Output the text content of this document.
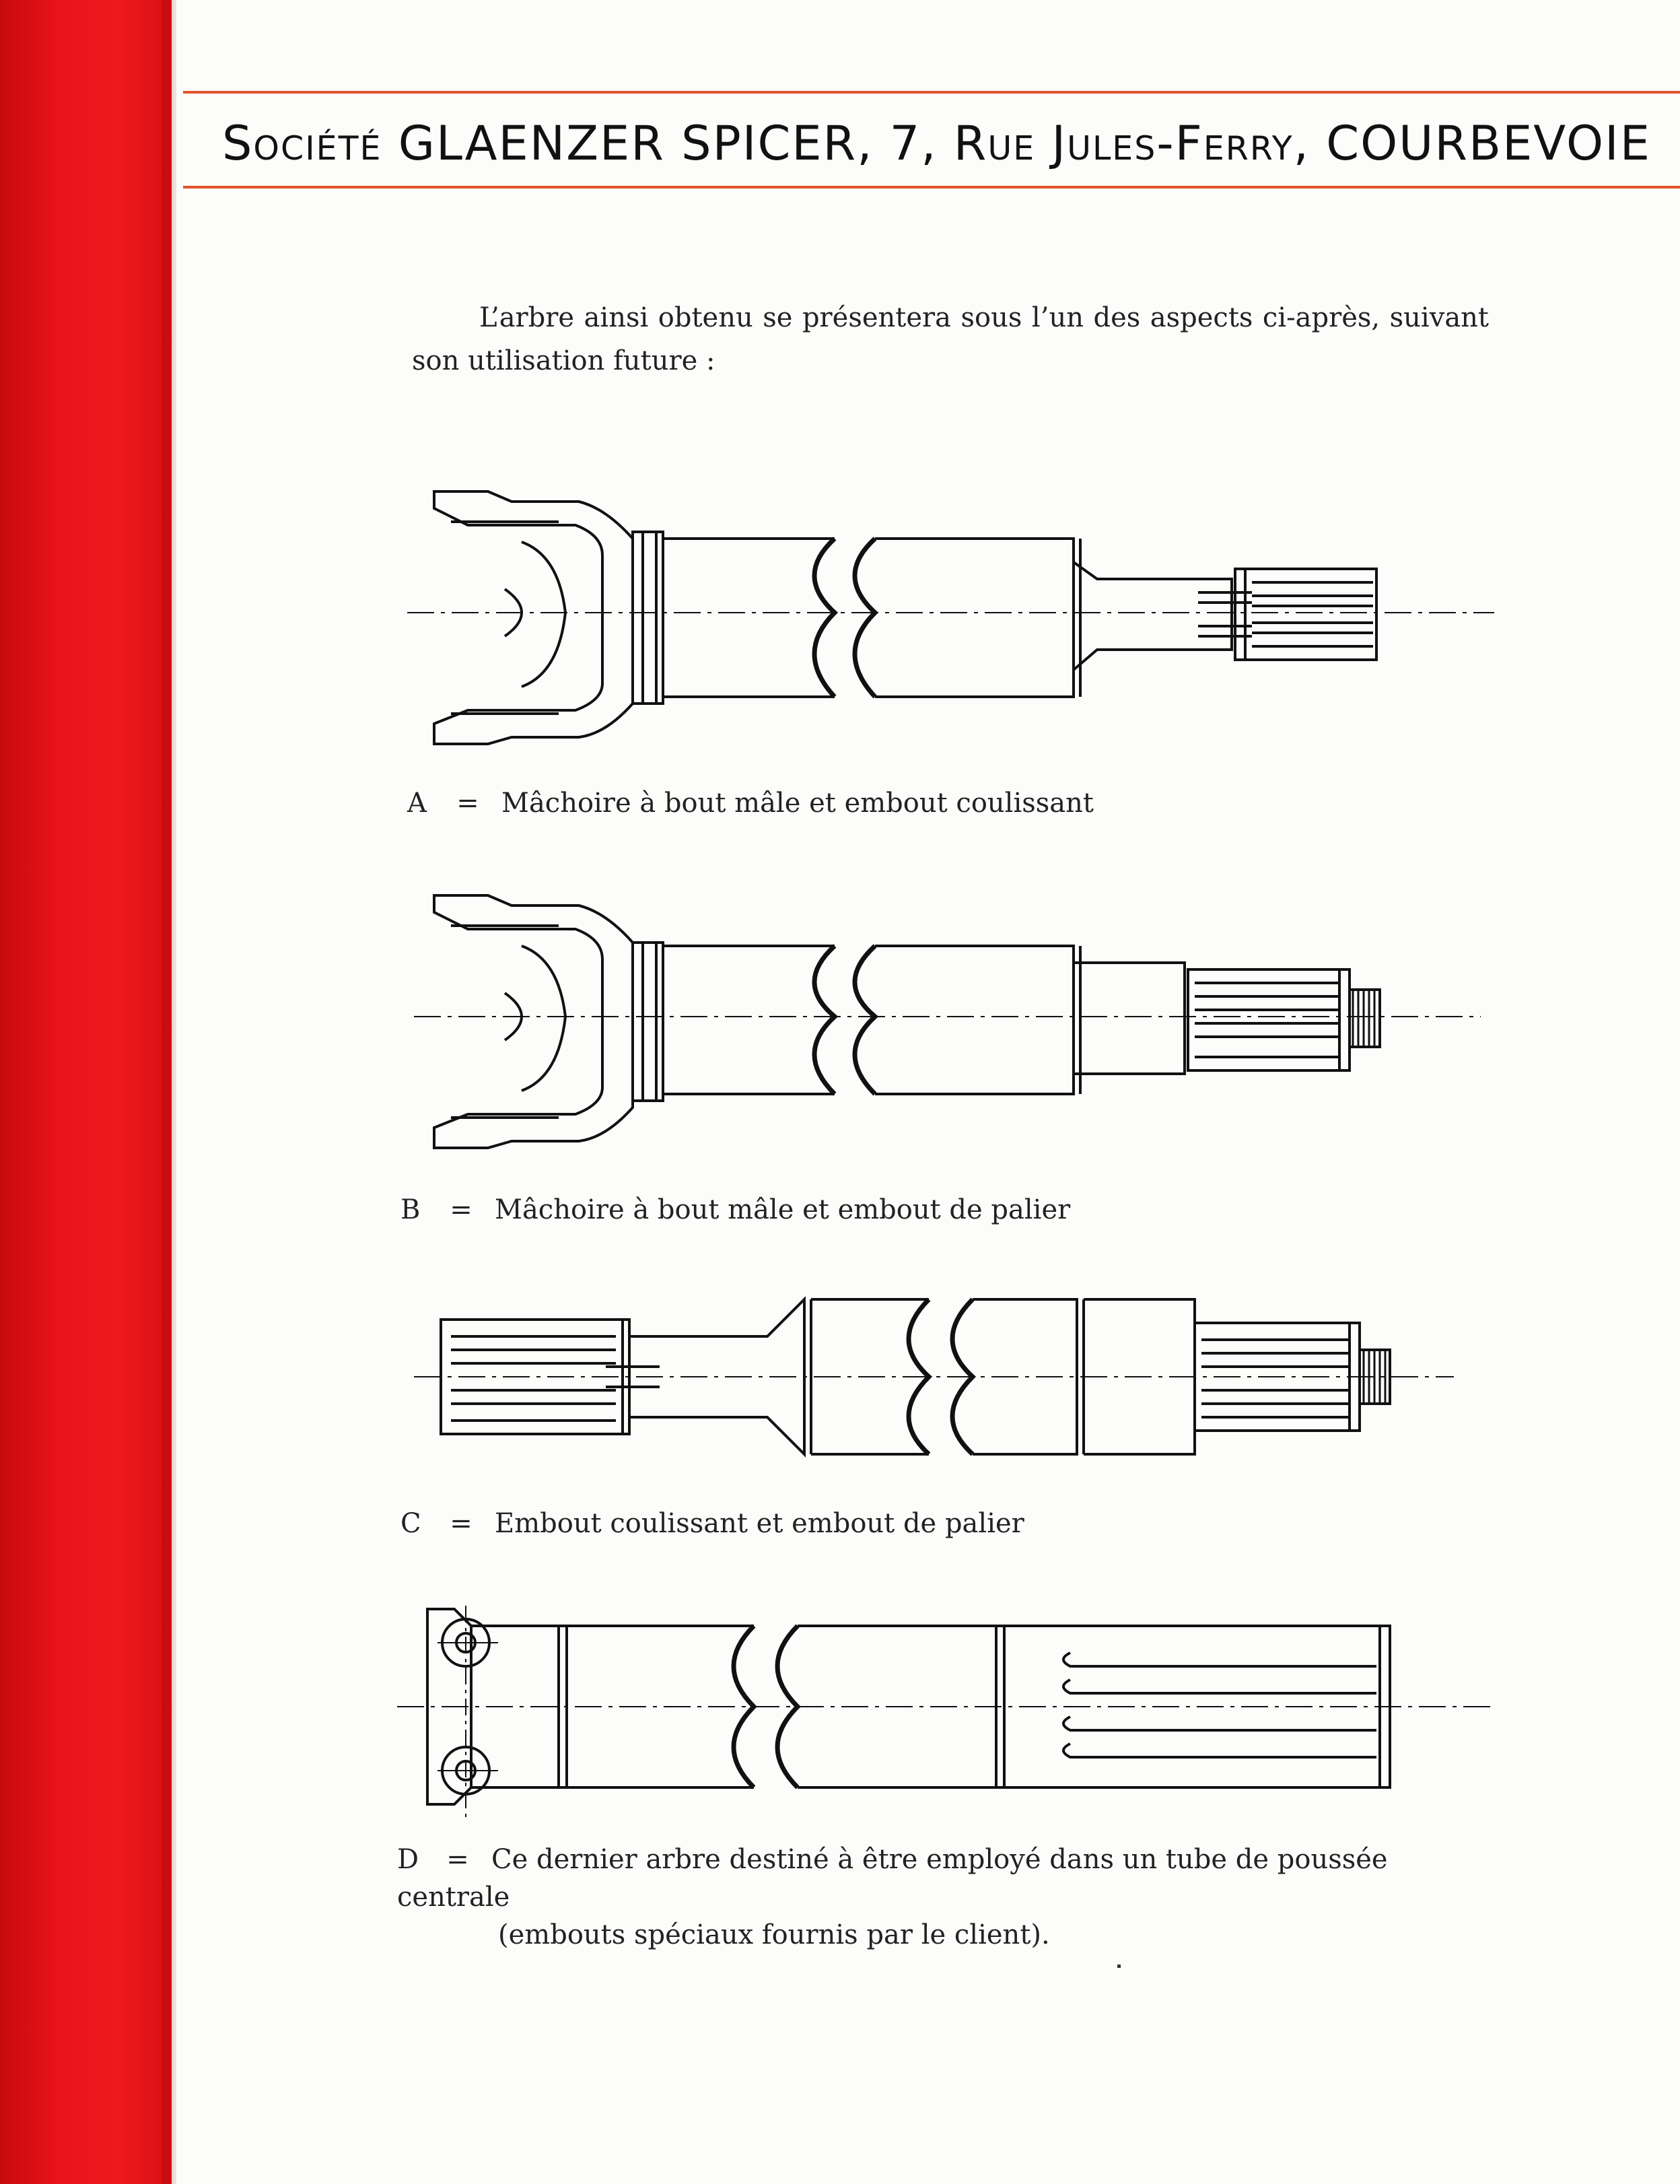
Société GLAENZER SPICER, 7, Rue Jules-Ferry, COURBEVOIE
L’arbre ainsi obtenu se présentera sous l’un des aspects ci-après, suivant son utilisation future :
A = Mâchoire à bout mâle et embout coulissant
B = Mâchoire à bout mâle et embout de palier
C = Embout coulissant et embout de palier
D = Ce dernier arbre destiné à être employé dans un tube de poussée centrale
(embouts spéciaux fournis par le client).
